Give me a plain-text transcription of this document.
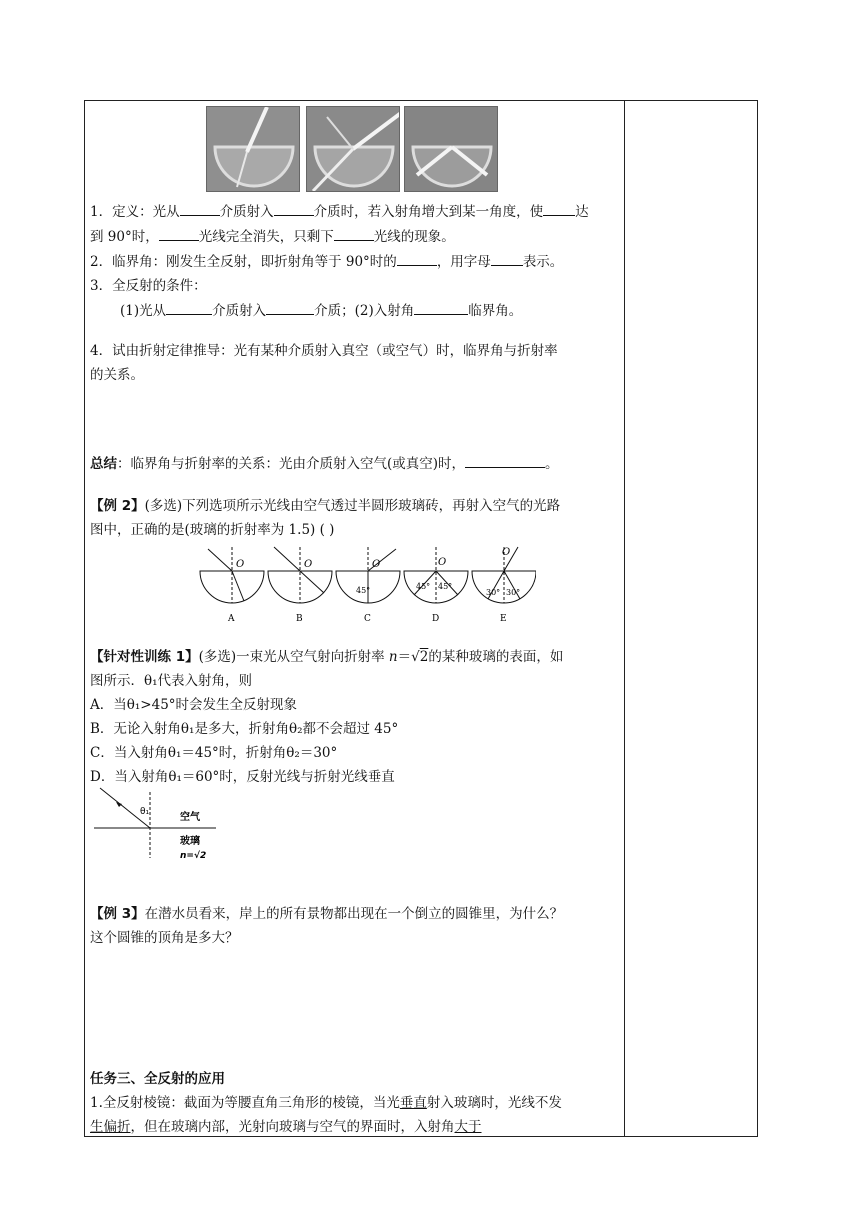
1．定义：光从	介质射入	介质时，若入射角增大到某一角度，使 达
到 90°时，	光线完全消失，只剩下	光线的现象。
2．临界角：刚发生全反射，即折射角等于 90°时的	，用字母 表示。
3．全反射的条件：
(1)光从	介质射入	介质；(2)入射角	临界角。
4．试由折射定律推导：光有某种介质射入真空（或空气）时，临界角与折射率
的关系。
总结：临界角与折射率的关系：光由介质射入空气(或真空)时，	。
【例 2】(多选)下列选项所示光线由空气透过半圆形玻璃砖，再射入空气的光路
图中，正确的是(玻璃的折射率为 1.5) ( )
O
A
O
B
O
45°
C
O
45° 45°
D
O
30° 30°
E
【针对性训练 1】(多选)一束光从空气射向折射率 n＝√2的某种玻璃的表面，如
图所示．θ₁代表入射角，则
A．当θ₁>45°时会发生全反射现象
B．无论入射角θ₁是多大，折射角θ₂都不会超过 45°
C．当入射角θ₁＝45°时，折射角θ₂＝30°
D．当入射角θ₁＝60°时，反射光线与折射光线垂直
θ₁	空气
玻璃
n=√2
【例 3】在潜水员看来，岸上的所有景物都出现在一个倒立的圆锥里，为什么？
这个圆锥的顶角是多大？
任务三、全反射的应用
1.全反射棱镜：截面为等腰直角三角形的棱镜，当光垂直射入玻璃时，光线不发
生偏折，但在玻璃内部，光射向玻璃与空气的界面时，入射角大于
